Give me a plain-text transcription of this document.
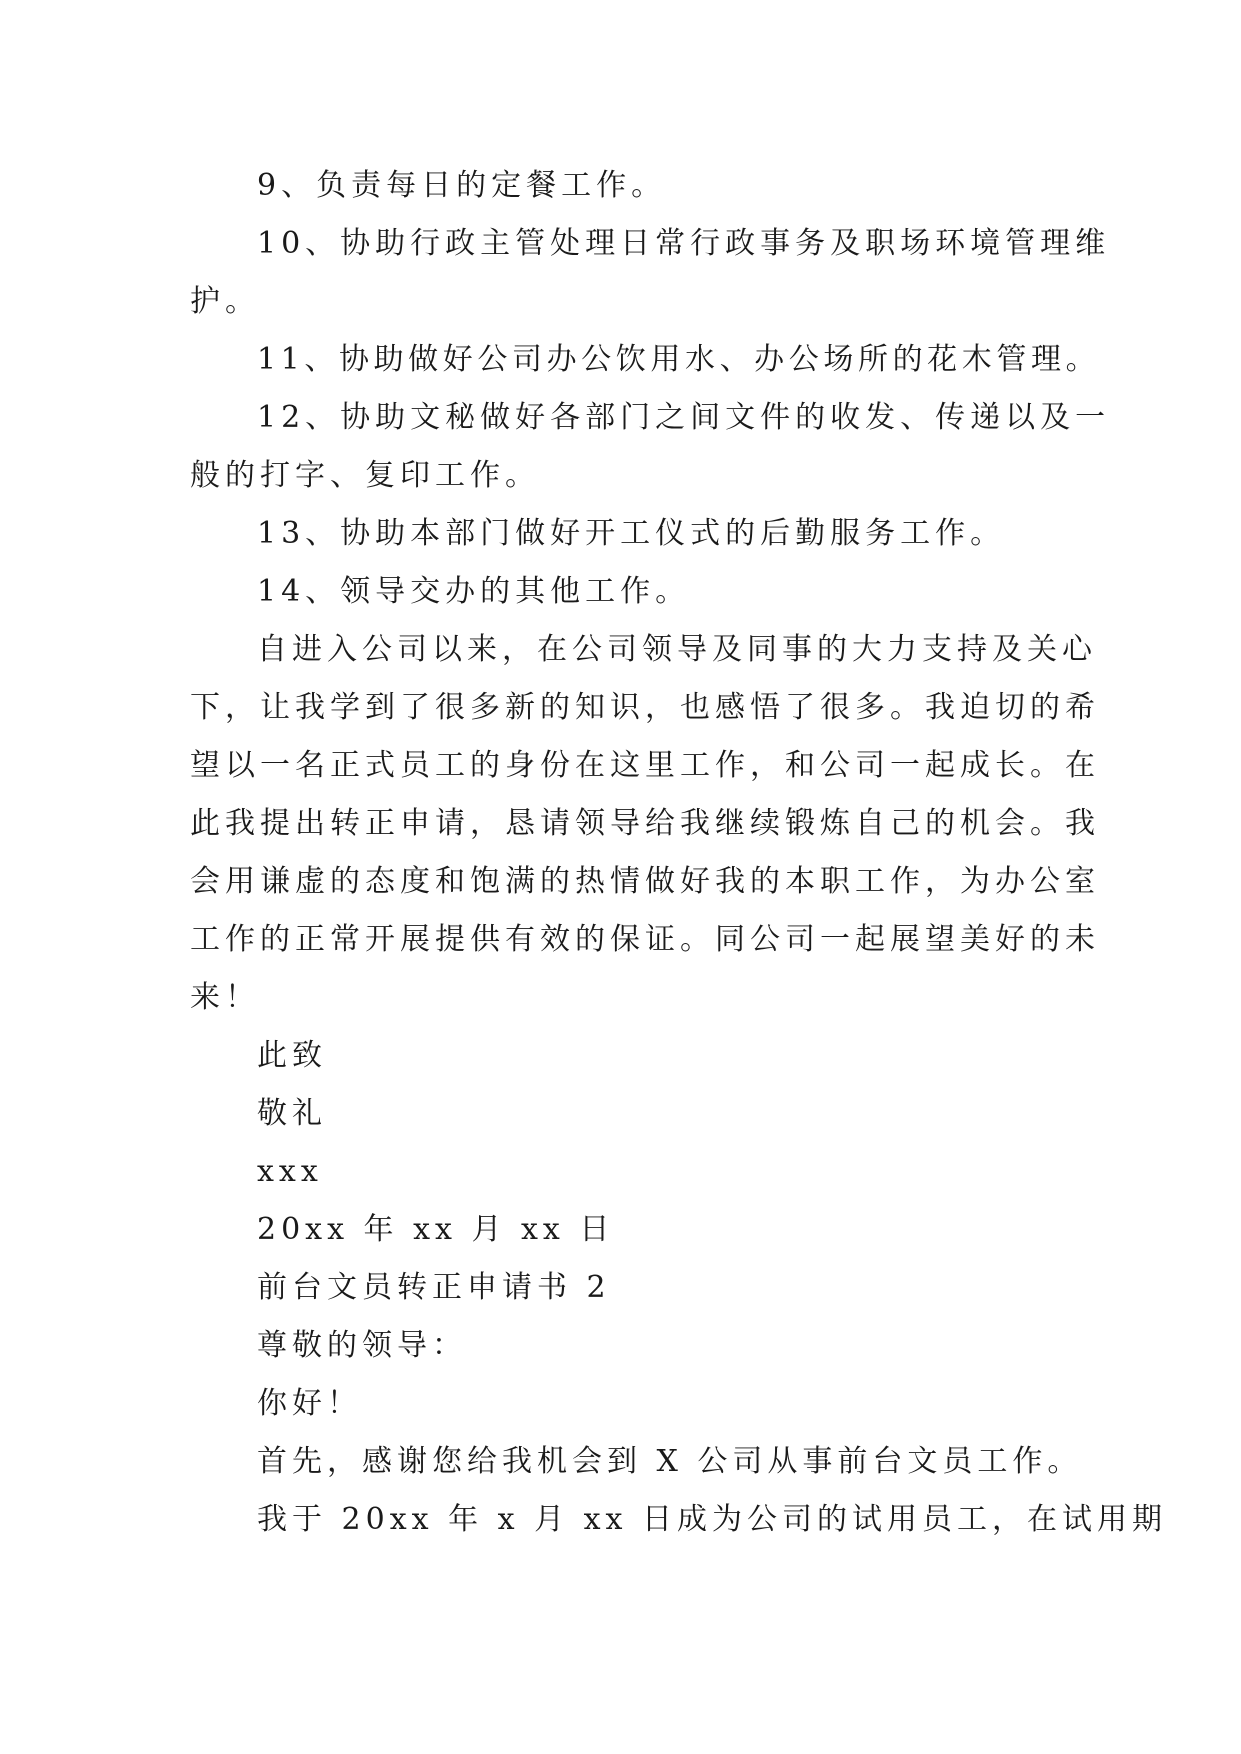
9、负责每日的定餐工作。

10、协助行政主管处理日常行政事务及职场环境管理维

护。

11、协助做好公司办公饮用水、办公场所的花木管理。

12、协助文秘做好各部门之间文件的收发、传递以及一

般的打字、复印工作。

13、协助本部门做好开工仪式的后勤服务工作。

14、领导交办的其他工作。

自进入公司以来，在公司领导及同事的大力支持及关心

下，让我学到了很多新的知识，也感悟了很多。我迫切的希

望以一名正式员工的身份在这里工作，和公司一起成长。在

此我提出转正申请，恳请领导给我继续锻炼自己的机会。我

会用谦虚的态度和饱满的热情做好我的本职工作，为办公室

工作的正常开展提供有效的保证。同公司一起展望美好的未

来！

此致

敬礼

xxx

20xx 年 xx 月 xx 日

前台文员转正申请书 2

尊敬的领导：

你好！

首先，感谢您给我机会到 X 公司从事前台文员工作。

我于 20xx 年 x 月 xx 日成为公司的试用员工，在试用期
